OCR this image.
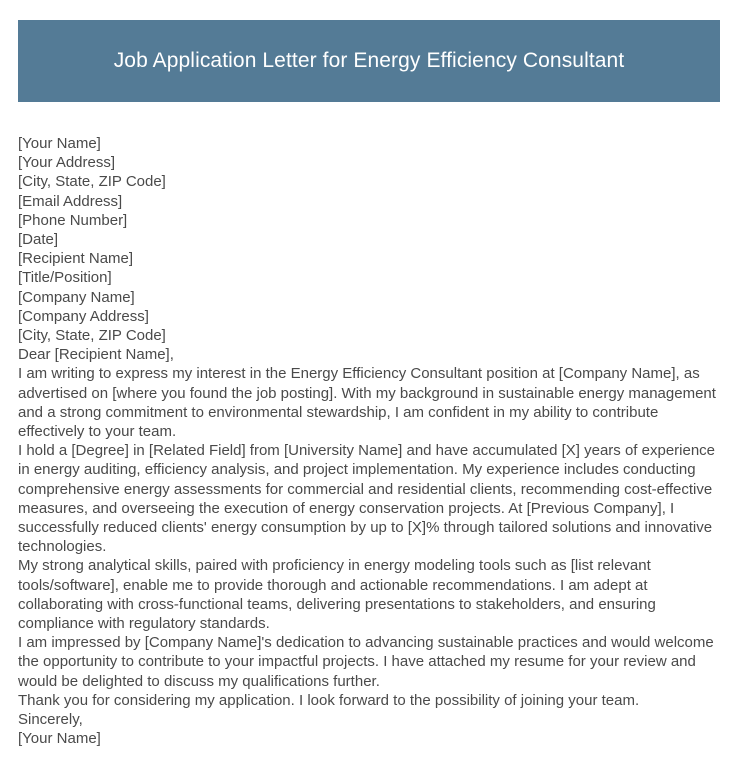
Job Application Letter for Energy Efficiency Consultant
[Your Name]
[Your Address]
[City, State, ZIP Code]
[Email Address]
[Phone Number]
[Date]
[Recipient Name]
[Title/Position]
[Company Name]
[Company Address]
[City, State, ZIP Code]
Dear [Recipient Name],

I am writing to express my interest in the Energy Efficiency Consultant position at [Company Name], as advertised on [where you found the job posting]. With my background in sustainable energy management and a strong commitment to environmental stewardship, I am confident in my ability to contribute effectively to your team.

I hold a [Degree] in [Related Field] from [University Name] and have accumulated [X] years of experience in energy auditing, efficiency analysis, and project implementation. My experience includes conducting comprehensive energy assessments for commercial and residential clients, recommending cost-effective measures, and overseeing the execution of energy conservation projects. At [Previous Company], I successfully reduced clients' energy consumption by up to [X]% through tailored solutions and innovative technologies.

My strong analytical skills, paired with proficiency in energy modeling tools such as [list relevant tools/software], enable me to provide thorough and actionable recommendations. I am adept at collaborating with cross-functional teams, delivering presentations to stakeholders, and ensuring compliance with regulatory standards.

I am impressed by [Company Name]'s dedication to advancing sustainable practices and would welcome the opportunity to contribute to your impactful projects. I have attached my resume for your review and would be delighted to discuss my qualifications further.

Thank you for considering my application. I look forward to the possibility of joining your team.

Sincerely,
[Your Name]
